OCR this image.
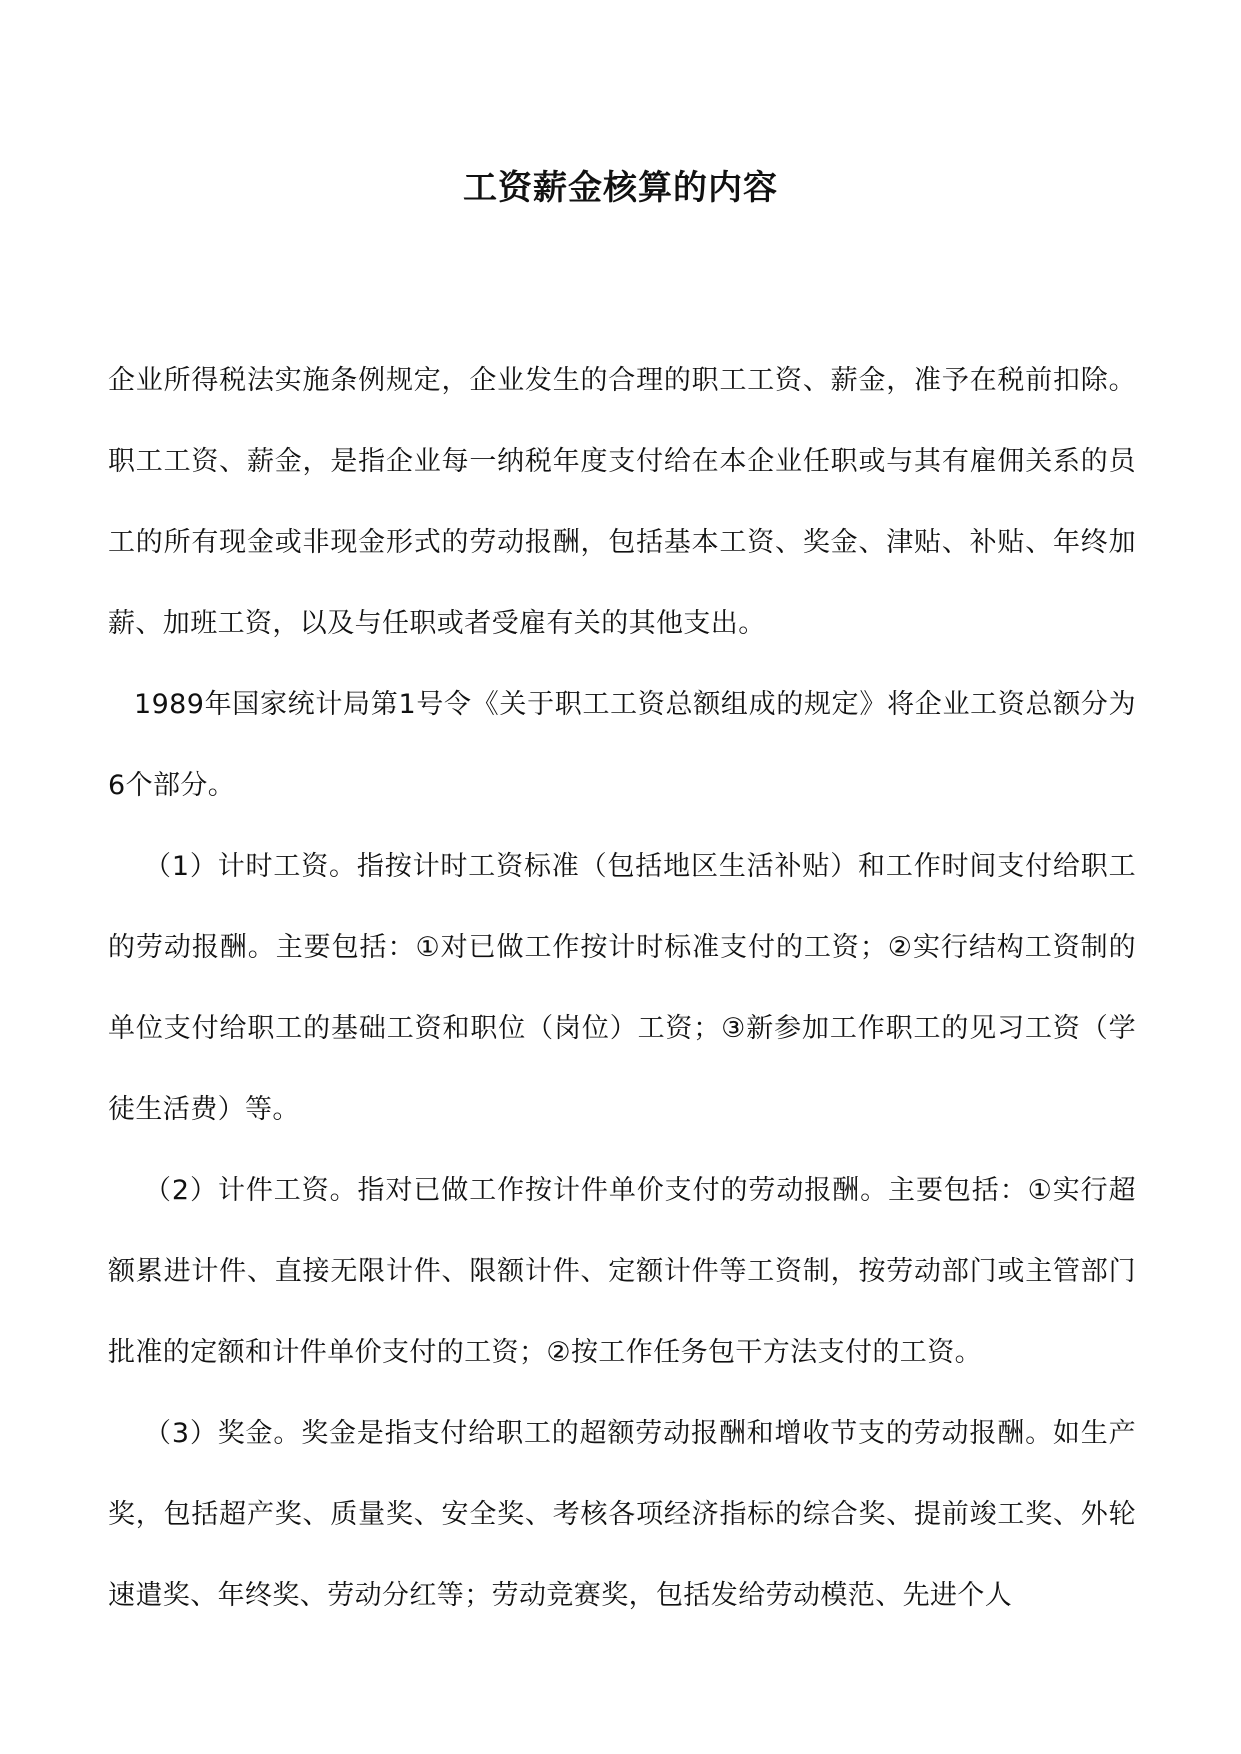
工资薪金核算的内容

企业所得税法实施条例规定，企业发生的合理的职工工资、薪金，准予在税前扣除。职工工资、薪金，是指企业每一纳税年度支付给在本企业任职或与其有雇佣关系的员工的所有现金或非现金形式的劳动报酬，包括基本工资、奖金、津贴、补贴、年终加薪、加班工资，以及与任职或者受雇有关的其他支出。

1989年国家统计局第1号令《关于职工工资总额组成的规定》将企业工资总额分为6个部分。

（1）计时工资。指按计时工资标准（包括地区生活补贴）和工作时间支付给职工的劳动报酬。主要包括：①对已做工作按计时标准支付的工资；②实行结构工资制的单位支付给职工的基础工资和职位（岗位）工资；③新参加工作职工的见习工资（学徒生活费）等。

（2）计件工资。指对已做工作按计件单价支付的劳动报酬。主要包括：①实行超额累进计件、直接无限计件、限额计件、定额计件等工资制，按劳动部门或主管部门批准的定额和计件单价支付的工资；②按工作任务包干方法支付的工资。

（3）奖金。奖金是指支付给职工的超额劳动报酬和增收节支的劳动报酬。如生产奖，包括超产奖、质量奖、安全奖、考核各项经济指标的综合奖、提前竣工奖、外轮速遣奖、年终奖、劳动分红等；劳动竞赛奖，包括发给劳动模范、先进个人
